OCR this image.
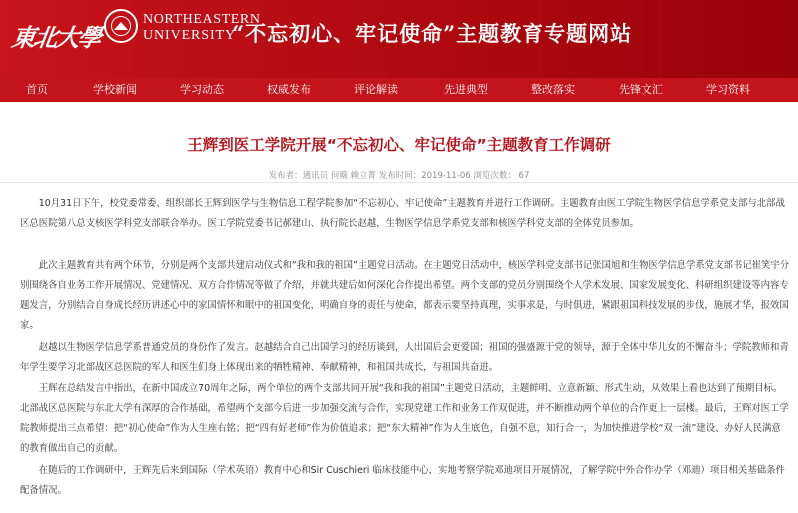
東北大學
NORTHEASTERN
UNIVERSITY
“不忘初心、牢记使命”主题教育专题网站
首页	学校新闻	学习动态	权威发布	评论解读	先进典型	整改落实	先锋文汇	学习资料
王辉到医工学院开展“不忘初心、牢记使命”主题教育工作调研
发布者：通讯员 何簸 赖立菁 发布时间：2019-11-06 浏览次数： 67

10月31日下午，校党委常委、组织部长王辉到医学与生物信息工程学院参加“不忘初心、牢记使命”主题教育并进行工作调研。主题教育由医工学院生物医学信息学系党支部与北部战区总医院第八总支核医学科党支部联合举办。医工学院党委书记郝建山、执行院长赵越，生物医学信息学系党支部和核医学科党支部的全体党员参加。

此次主题教育共有两个环节，分别是两个支部共建启动仪式和“我和我的祖国”主题党日活动。在主题党日活动中，核医学科党支部书记张国旭和生物医学信息学系党支部书记崔笑宇分别围绕各自业务工作开展情况、党建情况、双方合作情况等做了介绍，并就共建后如何深化合作提出希望。两个支部的党员分别围绕个人学术发展、国家发展变化、科研组织建设等内容专题发言，分别结合自身成长经历讲述心中的家国情怀和眼中的祖国变化，明确自身的责任与使命，都表示要坚持真理，实事求是，与时俱进，紧跟祖国科技发展的步伐，施展才华，报效国家。

赵越以生物医学信息学系普通党员的身份作了发言。赵越结合自己出国学习的经历谈到，人出国后会更爱国；祖国的强盛源于党的领导，源于全体中华儿女的不懈奋斗；学院教师和青年学生要学习北部战区总医院的军人和医生们身上体现出来的牺牲精神、奉献精神，和祖国共成长，与祖国共奋进。

王辉在总结发言中指出，在新中国成立70周年之际，两个单位的两个支部共同开展“我和我的祖国”主题党日活动，主题鲜明、立意新颖、形式生动，从效果上看也达到了预期目标。北部战区总医院与东北大学有深厚的合作基础，希望两个支部今后进一步加强交流与合作，实现党建工作和业务工作双促进，并不断推动两个单位的合作更上一层楼。最后，王辉对医工学院教师提出三点希望：把“初心使命”作为人生座右铭；把“四有好老师”作为价值追求；把“东大精神”作为人生底色，自强不息，知行合一，为加快推进学校“双一流”建设、办好人民满意的教育做出自己的贡献。

在随后的工作调研中，王辉先后来到国际（学术英语）教育中心和Sir Cuschieri 临床技能中心，实地考察学院邓迪项目开展情况，了解学院中外合作办学（邓迪）项目相关基础条件配备情况。
